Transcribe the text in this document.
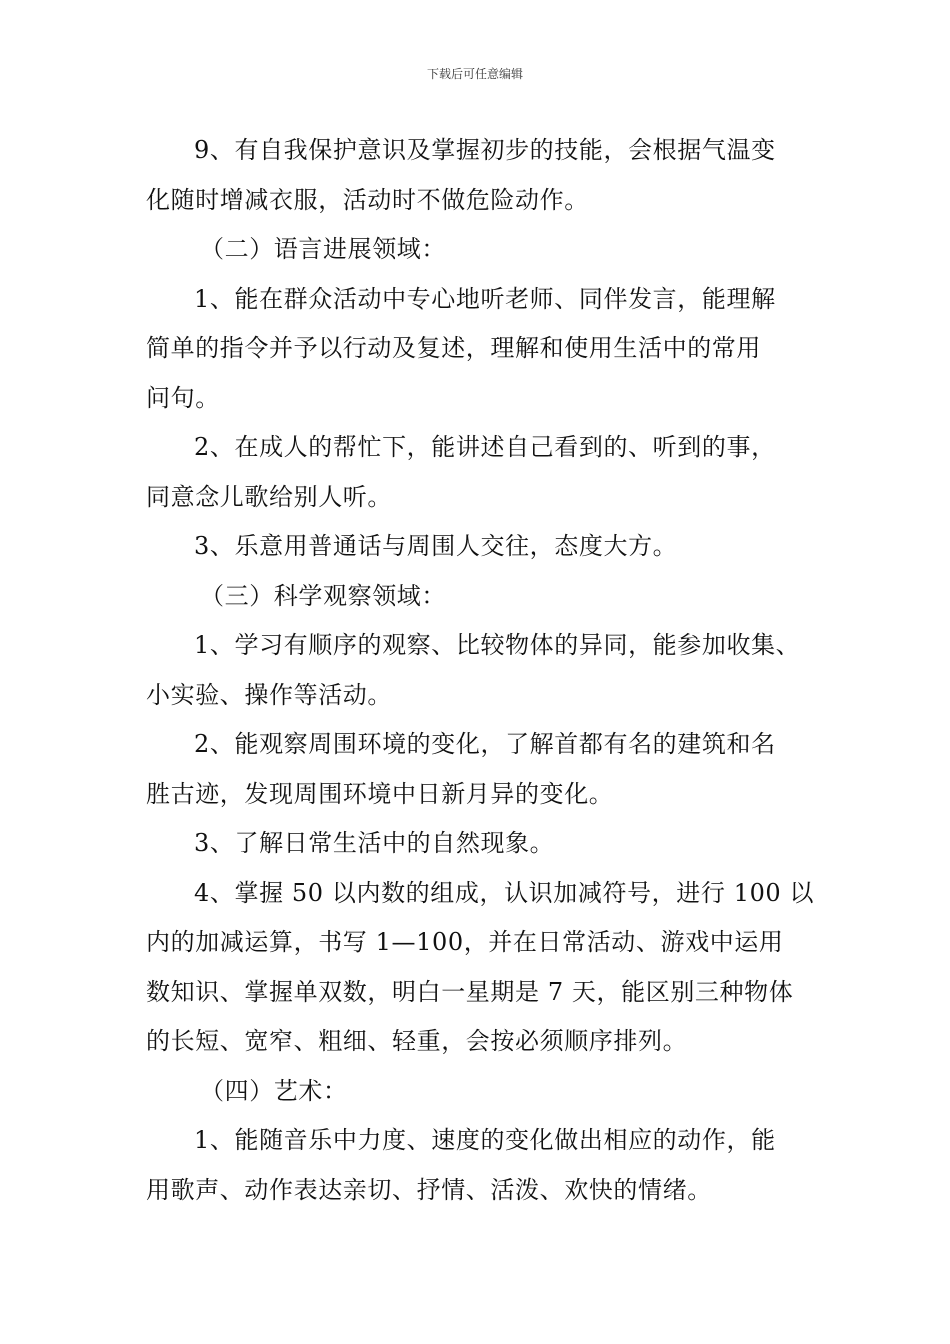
下载后可任意编辑
9、有自我保护意识及掌握初步的技能，会根据气温变
化随时增减衣服，活动时不做危险动作。
（二）语言进展领域：
1、能在群众活动中专心地听老师、同伴发言，能理解
简单的指令并予以行动及复述，理解和使用生活中的常用
问句。
2、在成人的帮忙下，能讲述自己看到的、听到的事，
同意念儿歌给别人听。
3、乐意用普通话与周围人交往，态度大方。
（三）科学观察领域：
1、学习有顺序的观察、比较物体的异同，能参加收集、
小实验、操作等活动。
2、能观察周围环境的变化，了解首都有名的建筑和名
胜古迹，发现周围环境中日新月异的变化。
3、了解日常生活中的自然现象。
4、掌握 50 以内数的组成，认识加减符号，进行 100 以
内的加减运算，书写 1—100，并在日常活动、游戏中运用
数知识、掌握单双数，明白一星期是 7 天，能区别三种物体
的长短、宽窄、粗细、轻重，会按必须顺序排列。
（四）艺术：
1、能随音乐中力度、速度的变化做出相应的动作，能
用歌声、动作表达亲切、抒情、活泼、欢快的情绪。
